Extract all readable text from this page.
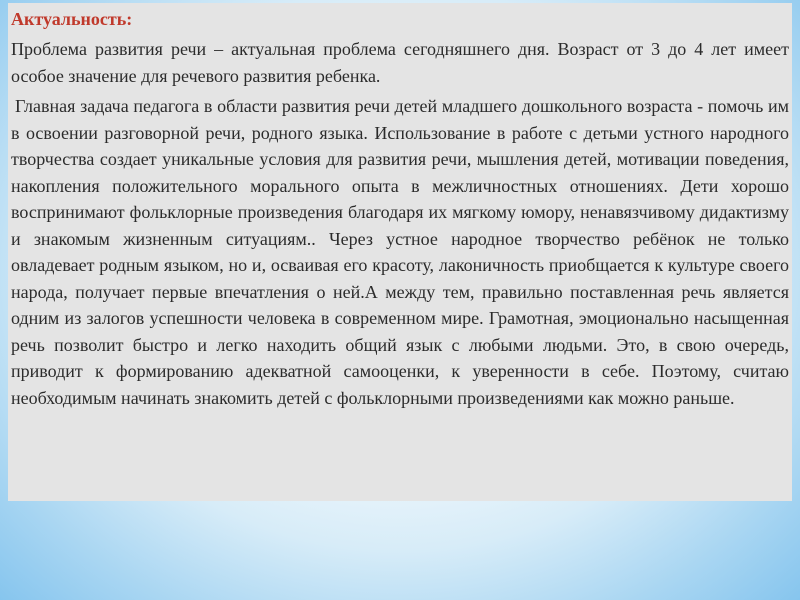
Актуальность:
Проблема развития речи – актуальная проблема сегодняшнего дня. Возраст от 3 до 4 лет имеет особое значение для речевого развития ребенка.
Главная задача педагога в области развития речи детей младшего дошкольного возраста - помочь им в освоении разговорной речи, родного языка. Использование в работе с детьми устного народного творчества создает уникальные условия для развития речи, мышления детей, мотивации поведения, накопления положительного морального опыта в межличностных отношениях. Дети хорошо воспринимают фольклорные произведения благодаря их мягкому юмору, ненавязчивому дидактизму и знакомым жизненным ситуациям.. Через устное народное творчество ребёнок не только овладевает родным языком, но и, осваивая его красоту, лаконичность приобщается к культуре своего народа, получает первые впечатления о ней.А между тем, правильно поставленная речь является одним из залогов успешности человека в современном мире. Грамотная, эмоционально насыщенная речь позволит быстро и легко находить общий язык с любыми людьми. Это, в свою очередь, приводит к формированию адекватной самооценки, к уверенности в себе. Поэтому, считаю необходимым начинать знакомить детей с фольклорными произведениями как можно раньше.
